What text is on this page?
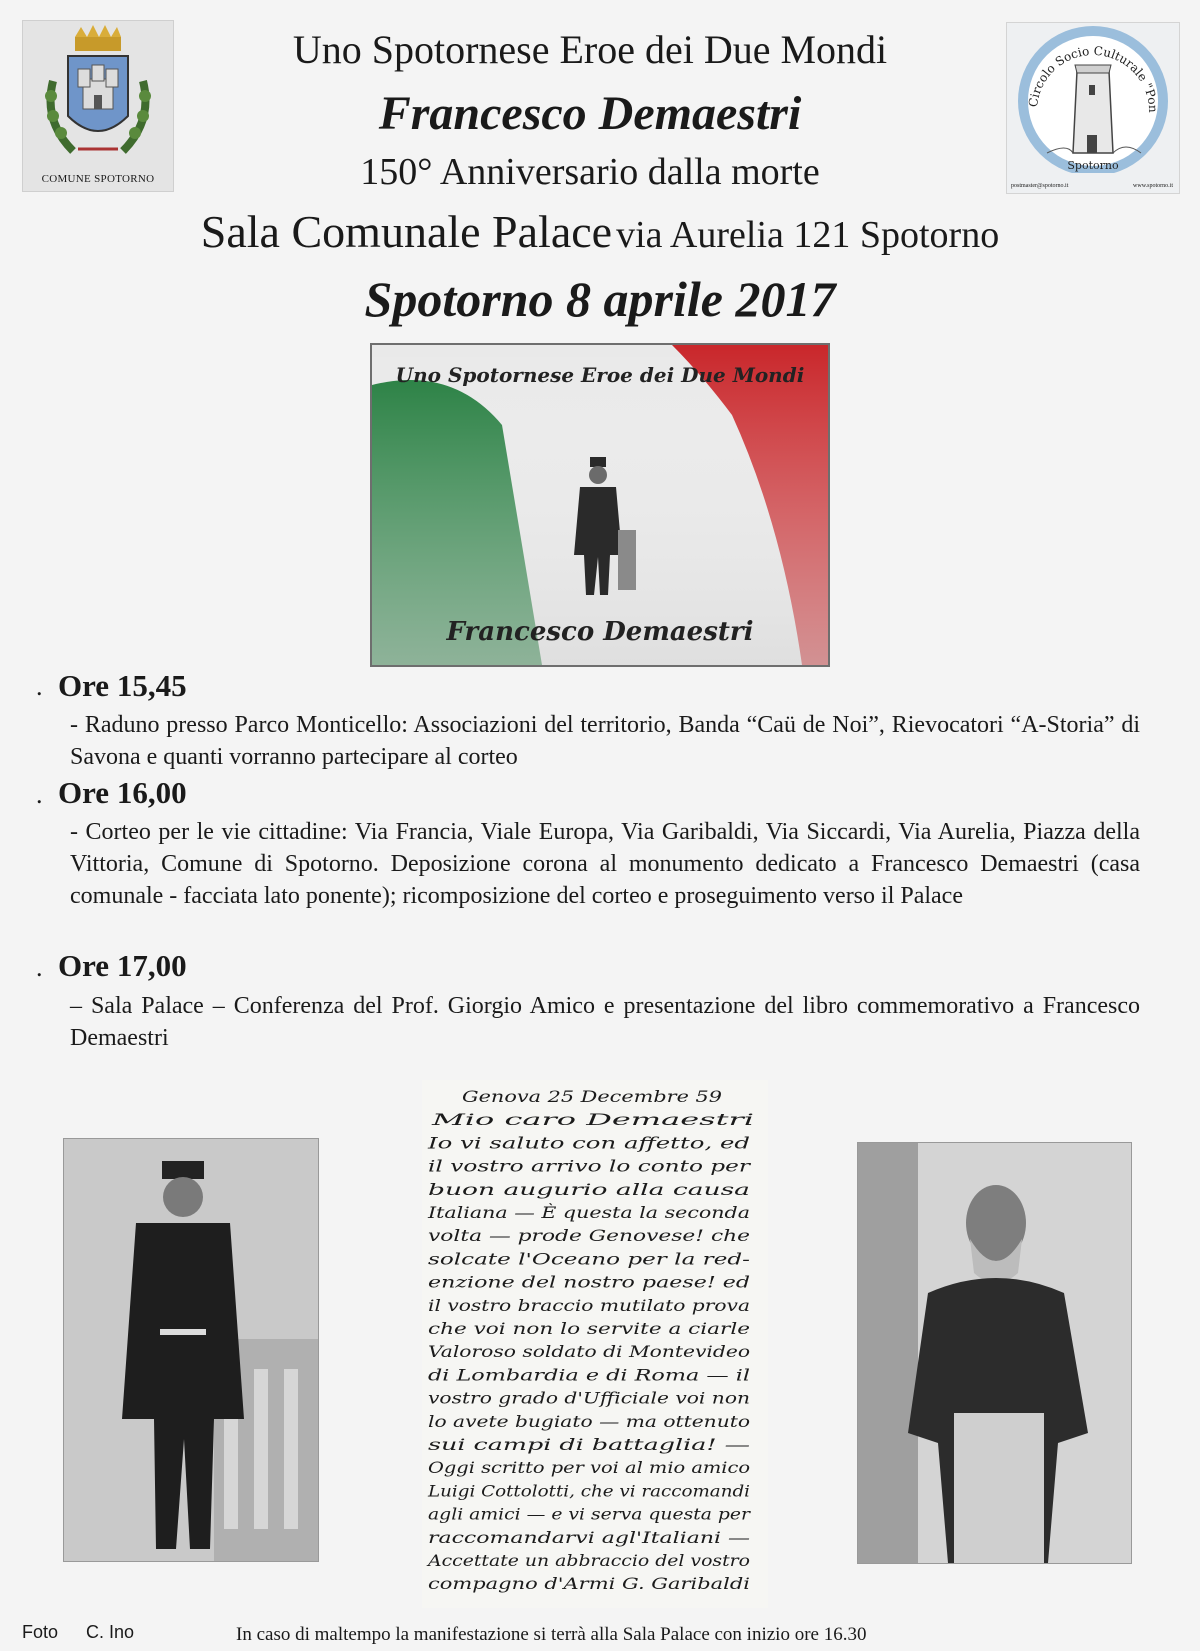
COMUNE SPOTORNO
Circolo Socio Culturale "Pon
Spotorno
postmaster@spotorno.it	www.spotorno.it
Uno Spotornese Eroe dei Due Mondi
Francesco Demaestri
150° Anniversario dalla morte
Sala Comunale Palace via Aurelia 121 Spotorno
Spotorno 8 aprile 2017
Uno Spotornese Eroe dei Due Mondi
Francesco Demaestri
. Ore 15,45
- Raduno presso Parco Monticello: Associazioni del territorio, Banda “Caü de Noi”, Rievocatori “A-Storia” di Savona e quanti vorranno partecipare al corteo
. Ore 16,00
- Corteo per le vie cittadine: Via Francia, Viale Europa, Via Garibaldi, Via Siccardi, Via Aurelia, Piazza della Vittoria, Comune di Spotorno. Deposizione corona al monumento dedicato a Francesco Demaestri (casa comunale - facciata lato ponente); ricomposizione del corteo e proseguimento verso il Palace
. Ore 17,00
– Sala Palace – Conferenza del Prof. Giorgio Amico e presentazione del libro commemorativo a Francesco Demaestri
Genova 25 Decembre 59
Mio caro Demaestri
Io vi saluto con affetto, ed
il vostro arrivo lo conto per
buon augurio alla causa
Italiana — È questa la seconda
volta — prode Genovese! che
solcate l'Oceano per la red-
enzione del nostro paese! ed
il vostro braccio mutilato prova
che voi non lo servite a ciarle
Valoroso soldato di Montevideo
di Lombardia e di Roma — il
vostro grado d'Ufficiale voi non
lo avete bugiato — ma ottenuto
sui campi di battaglia! —
Oggi scritto per voi al mio amico
Luigi Cottolotti, che vi raccomandi
agli amici — e vi serva questa per
raccomandarvi agl'Italiani —
Accettate un abbraccio del vostro
compagno d'Armi G. Garibaldi
Foto C. Ino	In caso di maltempo la manifestazione si terrà alla Sala Palace con inizio ore 16.30
